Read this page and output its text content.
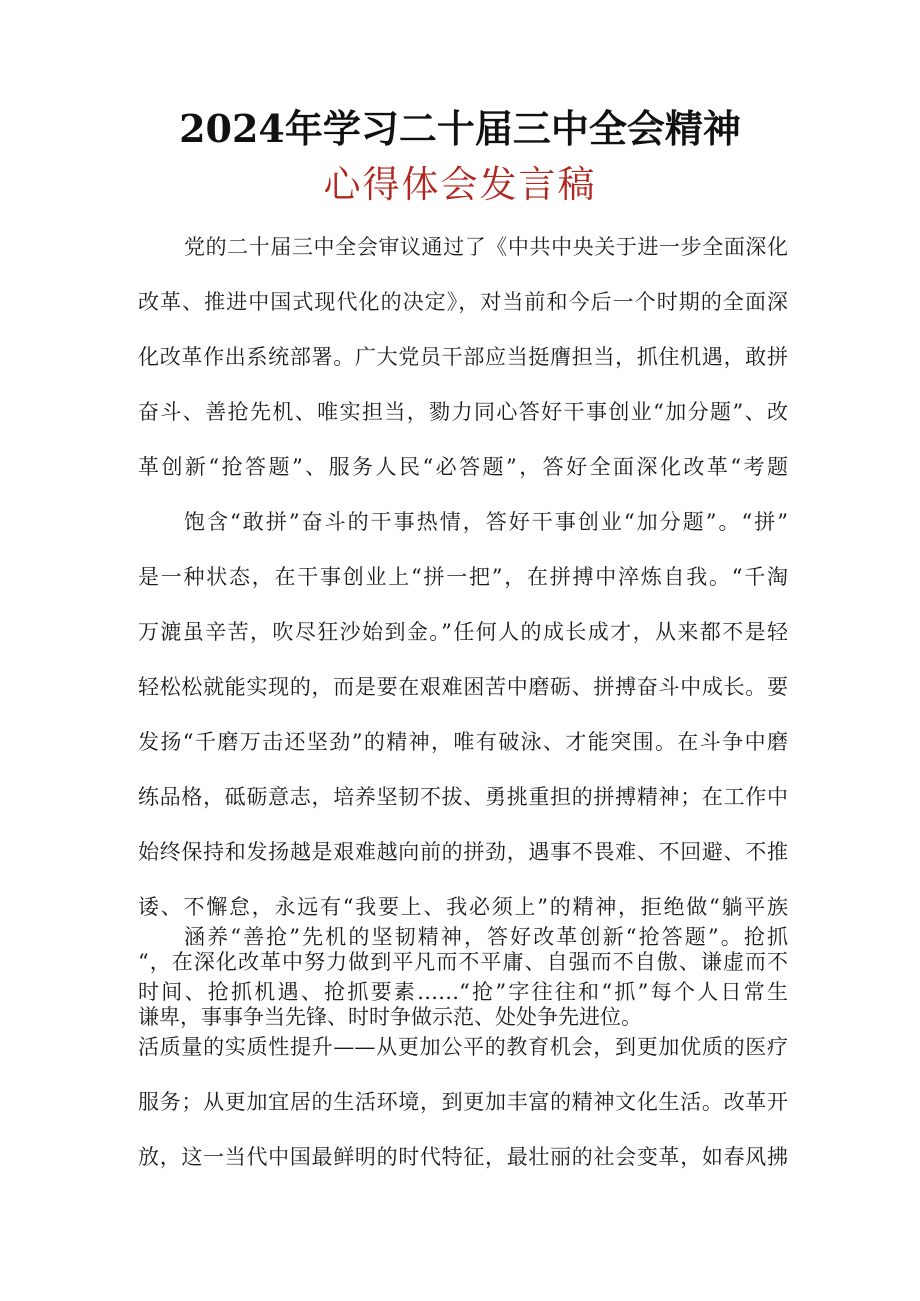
2024年学习二十届三中全会精神
心得体会发言稿
党的二十届三中全会审议通过了《中共中央关于进一步全面深化
改革、推进中国式现代化的决定》，对当前和今后一个时期的全面深
化改革作出系统部署。广大党员干部应当挺膺担当，抓住机遇，敢拼
奋斗、善抢先机、唯实担当，勠力同心答好干事创业“加分题”、改
革创新“抢答题”、服务人民“必答题”，答好全面深化改革“考题
饱含“敢拼”奋斗的干事热情，答好干事创业“加分题”。“拼”
是一种状态，在干事创业上“拼一把”，在拼搏中淬炼自我。“千淘
万漉虽辛苦，吹尽狂沙始到金。”任何人的成长成才，从来都不是轻
轻松松就能实现的，而是要在艰难困苦中磨砺、拼搏奋斗中成长。要
发扬“千磨万击还坚劲”的精神，唯有破泳、才能突围。在斗争中磨
练品格，砥砺意志，培养坚韧不拔、勇挑重担的拼搏精神；在工作中
始终保持和发扬越是艰难越向前的拼劲，遇事不畏难、不回避、不推
诿、不懈怠，永远有“我要上、我必须上”的精神，拒绝做“躺平族
“，在深化改革中努力做到平凡而不平庸、自强而不自傲、谦虚而不
谦卑，事事争当先锋、时时争做示范、处处争先进位。
涵养“善抢”先机的坚韧精神，答好改革创新“抢答题”。抢抓
时间、抢抓机遇、抢抓要素……“抢”字往往和“抓”每个人日常生
活质量的实质性提升——从更加公平的教育机会，到更加优质的医疗
服务；从更加宜居的生活环境，到更加丰富的精神文化生活。改革开
放，这一当代中国最鲜明的时代特征，最壮丽的社会变革，如春风拂
